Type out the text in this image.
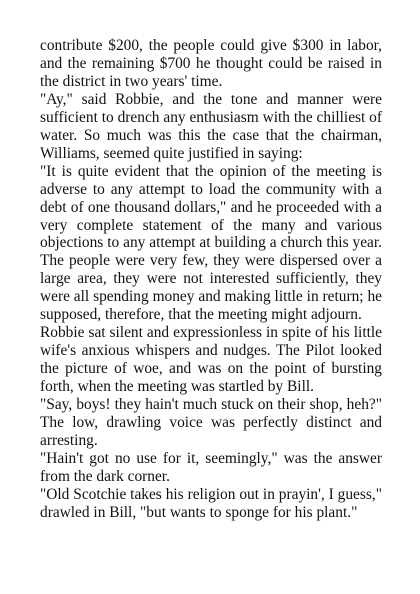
contribute $200, the people could give $300 in labor, and the remaining $700 he thought could be raised in the district in two years' time.

"Ay," said Robbie, and the tone and manner were sufficient to drench any enthusiasm with the chilliest of water. So much was this the case that the chairman, Williams, seemed quite justified in saying:

"It is quite evident that the opinion of the meeting is adverse to any attempt to load the community with a debt of one thousand dollars," and he proceeded with a very complete statement of the many and various objections to any attempt at building a church this year. The people were very few, they were dispersed over a large area, they were not interested sufficiently, they were all spending money and making little in return; he supposed, therefore, that the meeting might adjourn.

Robbie sat silent and expressionless in spite of his little wife's anxious whispers and nudges. The Pilot looked the picture of woe, and was on the point of bursting forth, when the meeting was startled by Bill.

"Say, boys! they hain't much stuck on their shop, heh?" The low, drawling voice was perfectly distinct and arresting.

"Hain't got no use for it, seemingly," was the answer from the dark corner.

"Old Scotchie takes his religion out in prayin', I guess," drawled in Bill, "but wants to sponge for his plant."
